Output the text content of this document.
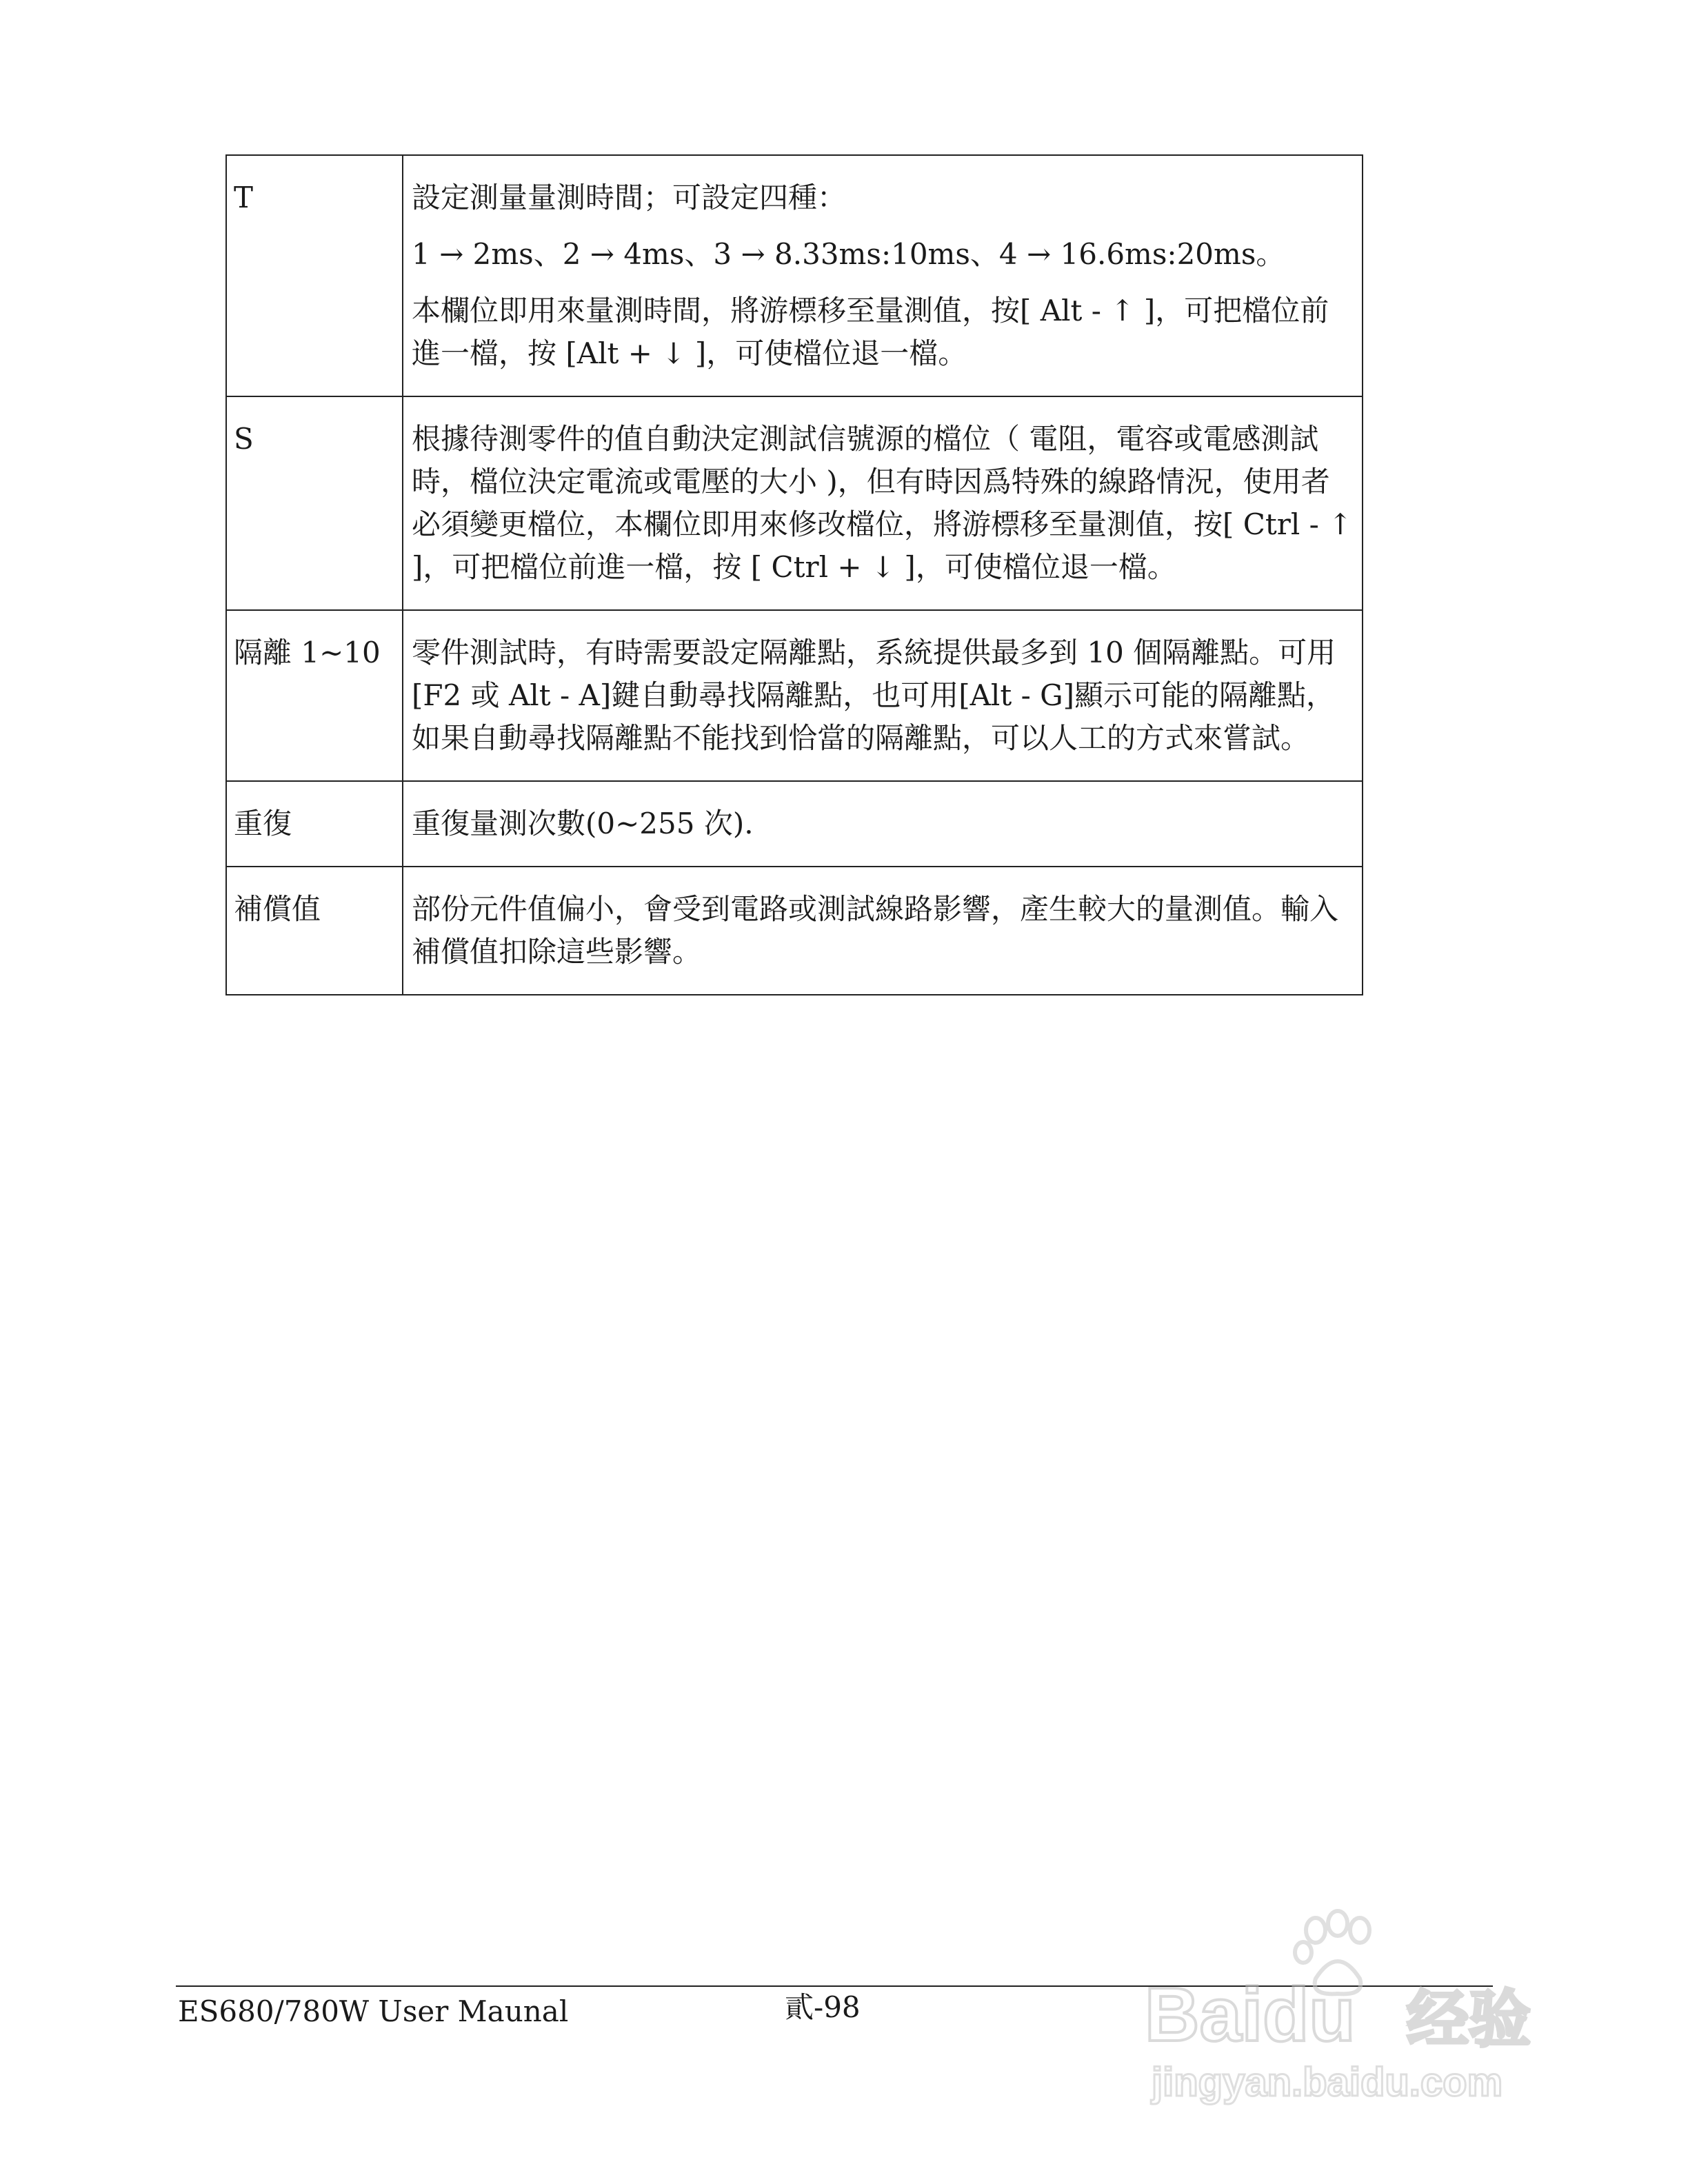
T	設定測量量測時間；可設定四種：

1 → 2ms、2 → 4ms、3 → 8.33ms:10ms、4 → 16.6ms:20ms。

本欄位即用來量測時間，將游標移至量測值，按[ Alt - ↑ ]，可把檔位前進一檔，按 [Alt + ↓ ]，可使檔位退一檔。

S	根據待測零件的值自動決定測試信號源的檔位（ 電阻，電容或電感測試時，檔位決定電流或電壓的大小 )，但有時因爲特殊的線路情況，使用者必須變更檔位，本欄位即用來修改檔位，將游標移至量測值，按[ Ctrl - ↑ ]，可把檔位前進一檔，按 [ Ctrl + ↓ ]，可使檔位退一檔。

隔離 1~10	零件測試時，有時需要設定隔離點，系統提供最多到 10 個隔離點。可用[F2 或 Alt - A]鍵自動尋找隔離點，也可用[Alt - G]顯示可能的隔離點，如果自動尋找隔離點不能找到恰當的隔離點，可以人工的方式來嘗試。

重復	重復量測次數(0~255 次).

補償值	部份元件值偏小，會受到電路或測試線路影響，產生較大的量測值。輸入補償值扣除這些影響。

ES680/780W User Maunal	貳-98	Baidu 经验
jingyan.baidu.com
